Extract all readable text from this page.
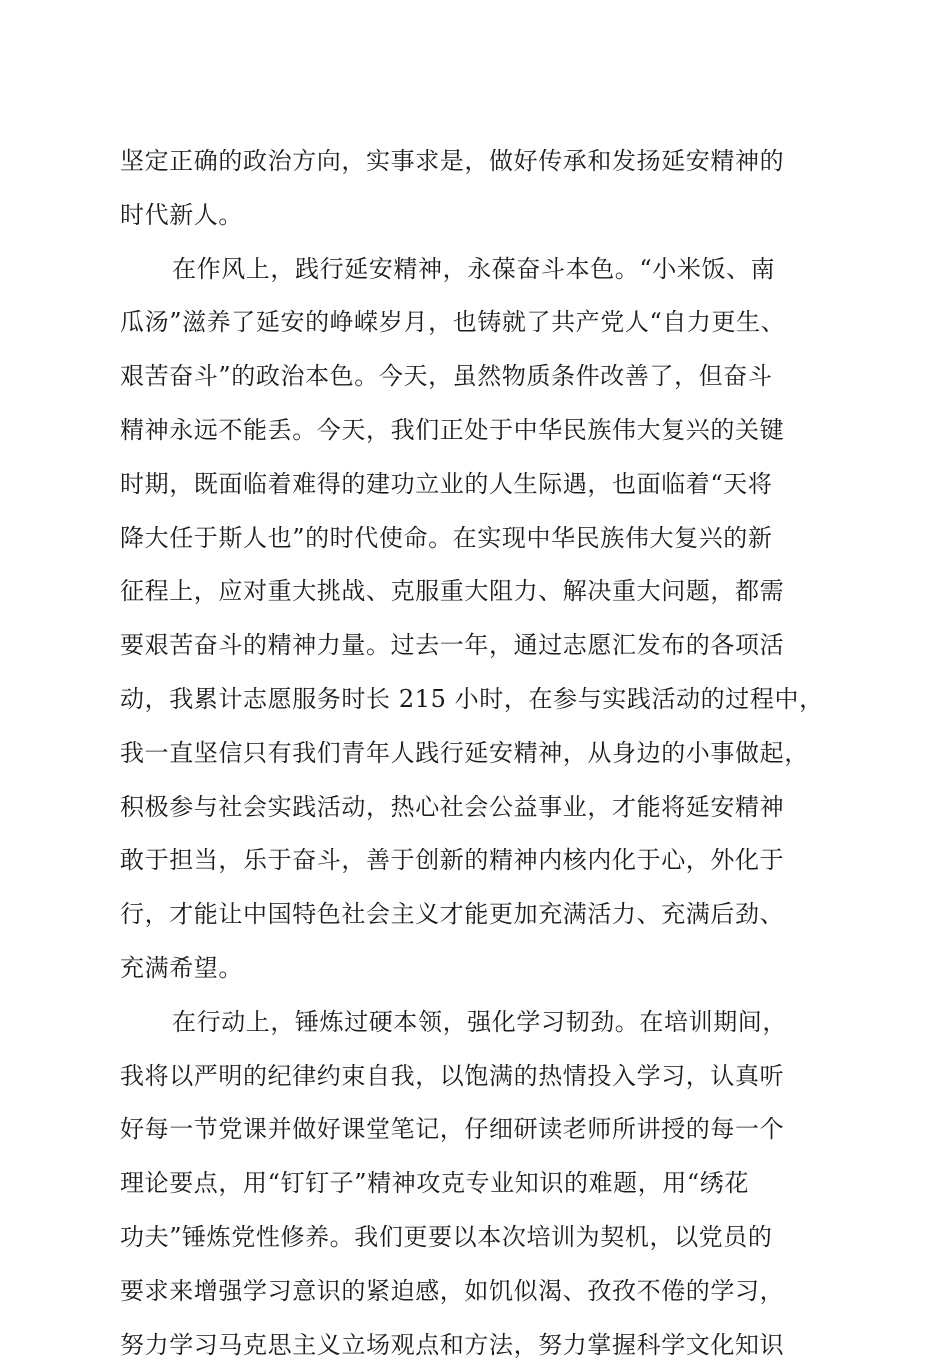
坚定正确的政治方向，实事求是，做好传承和发扬延安精神的
时代新人。
在作风上，践行延安精神，永葆奋斗本色。“小米饭、南
瓜汤”滋养了延安的峥嵘岁月，也铸就了共产党人“自力更生、
艰苦奋斗”的政治本色。今天，虽然物质条件改善了，但奋斗
精神永远不能丢。今天，我们正处于中华民族伟大复兴的关键
时期，既面临着难得的建功立业的人生际遇，也面临着“天将
降大任于斯人也”的时代使命。在实现中华民族伟大复兴的新
征程上，应对重大挑战、克服重大阻力、解决重大问题，都需
要艰苦奋斗的精神力量。过去一年，通过志愿汇发布的各项活
动，我累计志愿服务时长 215 小时，在参与实践活动的过程中，
我一直坚信只有我们青年人践行延安精神，从身边的小事做起，
积极参与社会实践活动，热心社会公益事业，才能将延安精神
敢于担当，乐于奋斗，善于创新的精神内核内化于心，外化于
行，才能让中国特色社会主义才能更加充满活力、充满后劲、
充满希望。
在行动上，锤炼过硬本领，强化学习韧劲。在培训期间，
我将以严明的纪律约束自我，以饱满的热情投入学习，认真听
好每一节党课并做好课堂笔记，仔细研读老师所讲授的每一个
理论要点，用“钉钉子”精神攻克专业知识的难题，用“绣花
功夫”锤炼党性修养。我们更要以本次培训为契机，以党员的
要求来增强学习意识的紧迫感，如饥似渴、孜孜不倦的学习，
努力学习马克思主义立场观点和方法，努力掌握科学文化知识
